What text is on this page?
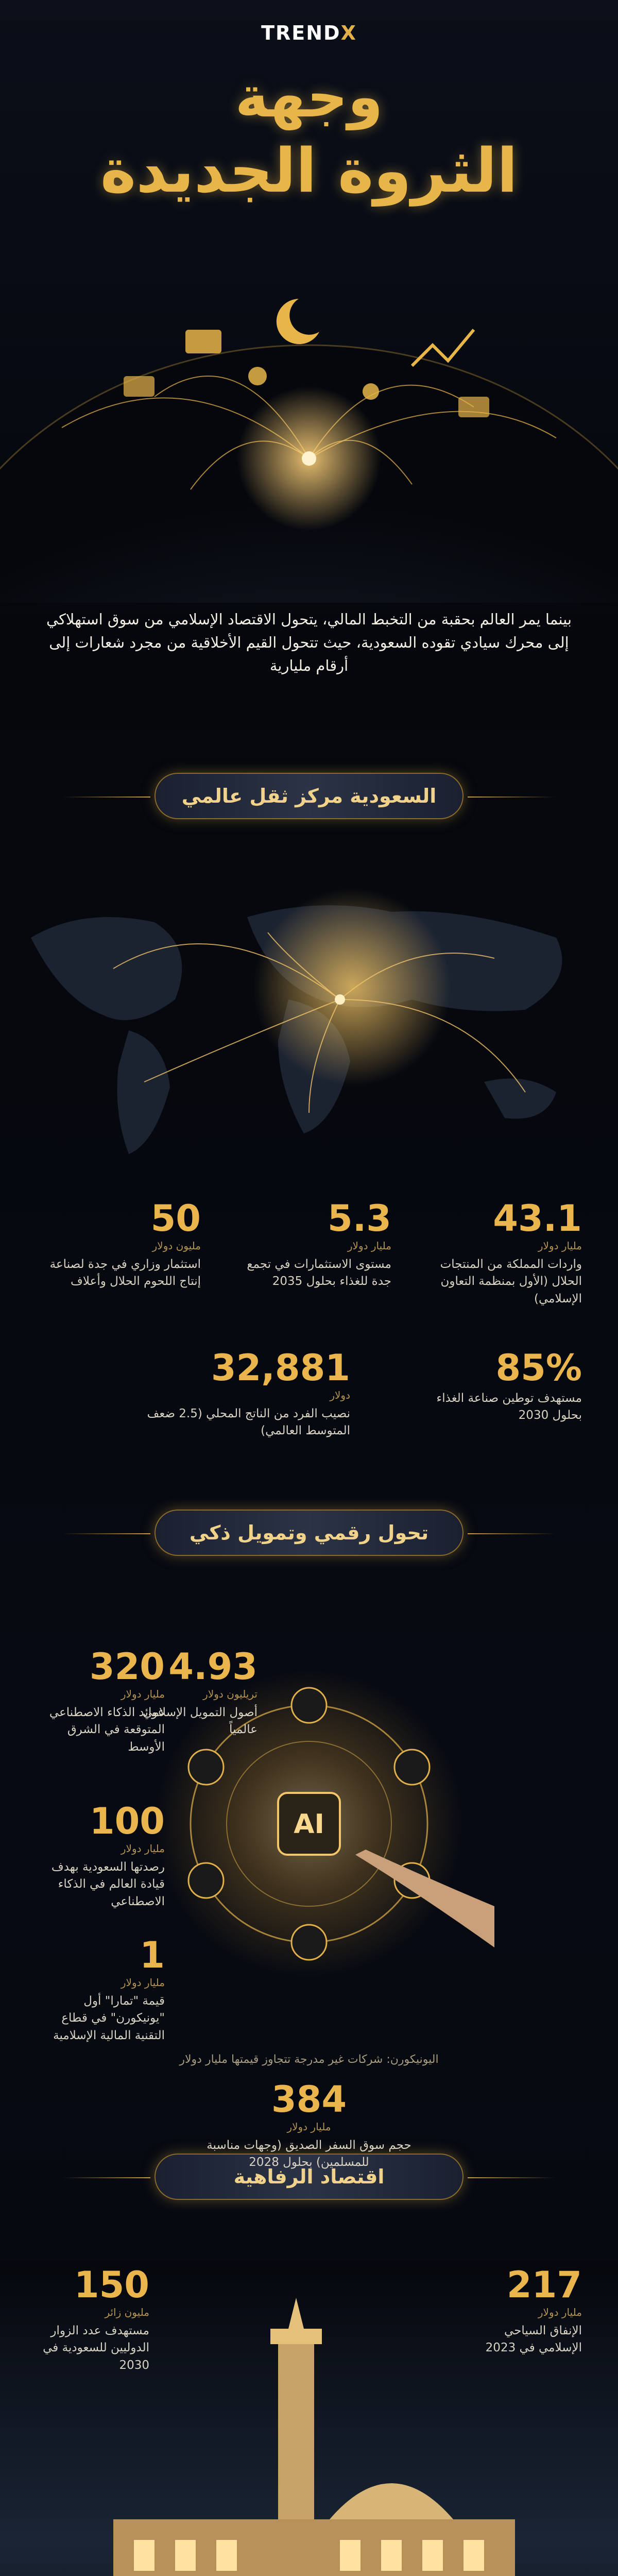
TRENDX
وجهة
الثروة الجديدة

بينما يمر العالم بحقبة من التخبط المالي، يتحول الاقتصاد الإسلامي من سوق استهلاكي إلى محرك سيادي تقوده السعودية، حيث تتحول القيم الأخلاقية من مجرد شعارات إلى أرقام مليارية

السعودية مركز ثقل عالمي
43.1
مليار دولار
واردات المملكة من المنتجات الحلال (الأول بمنظمة التعاون الإسلامي)
5.3
مليار دولار
مستوى الاستثمارات في تجمع جدة للغذاء بحلول 2035
50
مليون دولار
استثمار وزاري في جدة لصناعة إنتاج اللحوم الحلال وأعلاف
85%
مستهدف توطين صناعة الغذاء بحلول 2030
32,881
دولار
نصيب الفرد من الناتج المحلي (2.5 ضعف المتوسط العالمي)
تحول رقمي وتمويل ذكي
AI
4.93
تريليون دولار
أصول التمويل الإسلامي عالمياً
320
مليار دولار
عوائد الذكاء الاصطناعي المتوقعة في الشرق الأوسط
100
مليار دولار
رصدتها السعودية بهدف قيادة العالم في الذكاء الاصطناعي
1
مليار دولار
قيمة "تمارا" أول "يونيكورن" في قطاع التقنية المالية الإسلامية

اليونيكورن: شركات غير مدرجة تتجاوز قيمتها مليار دولار

اقتصاد الرفاهية
384
مليار دولار
حجم سوق السفر الصديق (وجهات مناسبة للمسلمين) بحلول 2028
150
مليون زائر
مستهدف عدد الزوار الدوليين للسعودية في 2030
217
مليار دولار
الإنفاق السياحي الإسلامي في 2023
